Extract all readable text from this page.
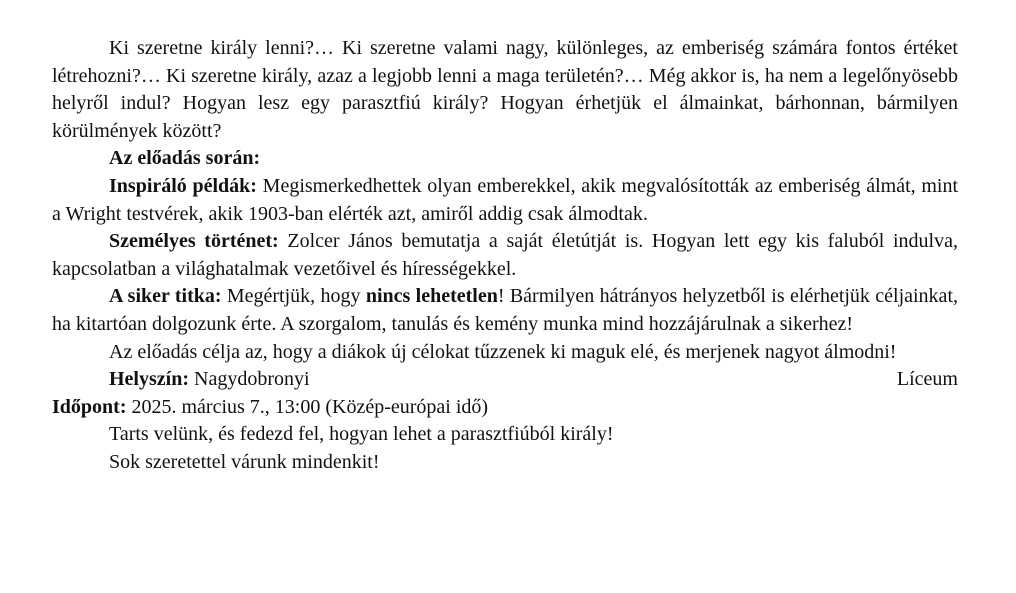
Ki szeretne király lenni?… Ki szeretne valami nagy, különleges, az emberiség számára fontos értéket létrehozni?… Ki szeretne király, azaz a legjobb lenni a maga területén?… Még akkor is, ha nem a legelőnyösebb helyről indul? Hogyan lesz egy parasztfiú király? Hogyan érhetjük el álmainkat, bárhonnan, bármilyen körülmények között?

Az előadás során:

Inspiráló példák: Megismerkedhettek olyan emberekkel, akik megvalósították az emberiség álmát, mint a Wright testvérek, akik 1903-ban elérték azt, amiről addig csak álmodtak.

Személyes történet: Zolcer János bemutatja a saját életútját is. Hogyan lett egy kis faluból indulva, kapcsolatban a világhatalmak vezetőivel és hírességekkel.

A siker titka: Megértjük, hogy nincs lehetetlen! Bármilyen hátrányos helyzetből is elérhetjük céljainkat, ha kitartóan dolgozunk érte. A szorgalom, tanulás és kemény munka mind hozzájárulnak a sikerhez!

Az előadás célja az, hogy a diákok új célokat tűzzenek ki maguk elé, és merjenek nagyot álmodni!

Helyszín: Nagydobronyi	Líceum

Időpont: 2025. március 7., 13:00 (Közép-európai idő)

Tarts velünk, és fedezd fel, hogyan lehet a parasztfiúból király!

Sok szeretettel várunk mindenkit!
